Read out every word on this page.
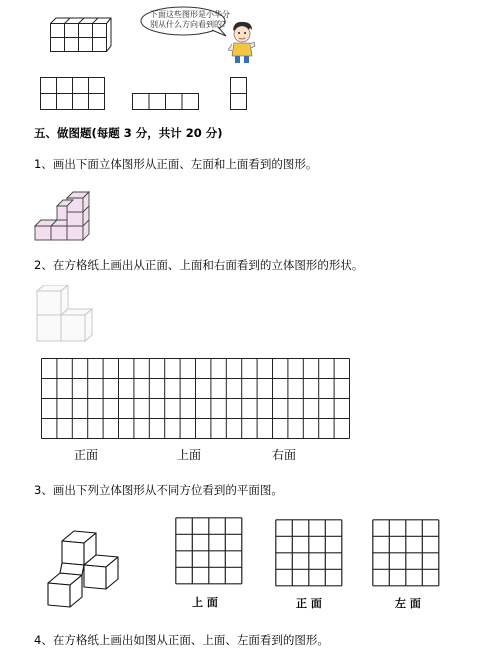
下面这些图形是小华分
别从什么方向看到的?
五、做图题(每题 3 分，共计 20 分)
1、画出下面立体图形从正面、左面和上面看到的图形。
2、在方格纸上画出从正面、上面和右面看到的立体图形的形状。
正面	上面	右面
3、画出下列立体图形从不同方位看到的平面图。
上 面	正 面	左 面
4、在方格纸上画出如图从正面、上面、左面看到的图形。
